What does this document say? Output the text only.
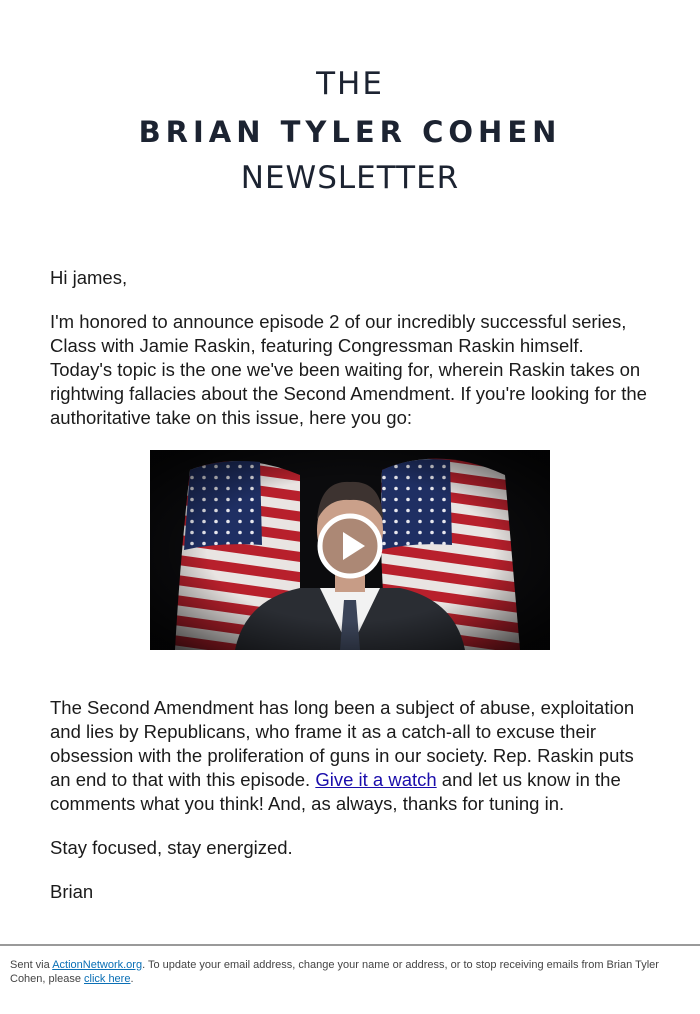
THE
BRIAN TYLER COHEN
NEWSLETTER

Hi james,

I'm honored to announce episode 2 of our incredibly successful series, Class with Jamie Raskin, featuring Congressman Raskin himself. Today's topic is the one we've been waiting for, wherein Raskin takes on rightwing fallacies about the Second Amendment. If you're looking for the authoritative take on this issue, here you go:

The Second Amendment has long been a subject of abuse, exploitation and lies by Republicans, who frame it as a catch-all to excuse their obsession with the proliferation of guns in our society. Rep. Raskin puts an end to that with this episode. Give it a watch and let us know in the comments what you think! And, as always, thanks for tuning in.

Stay focused, stay energized.

Brian

Sent via ActionNetwork.org. To update your email address, change your name or address, or to stop receiving emails from Brian Tyler Cohen, please click here.
